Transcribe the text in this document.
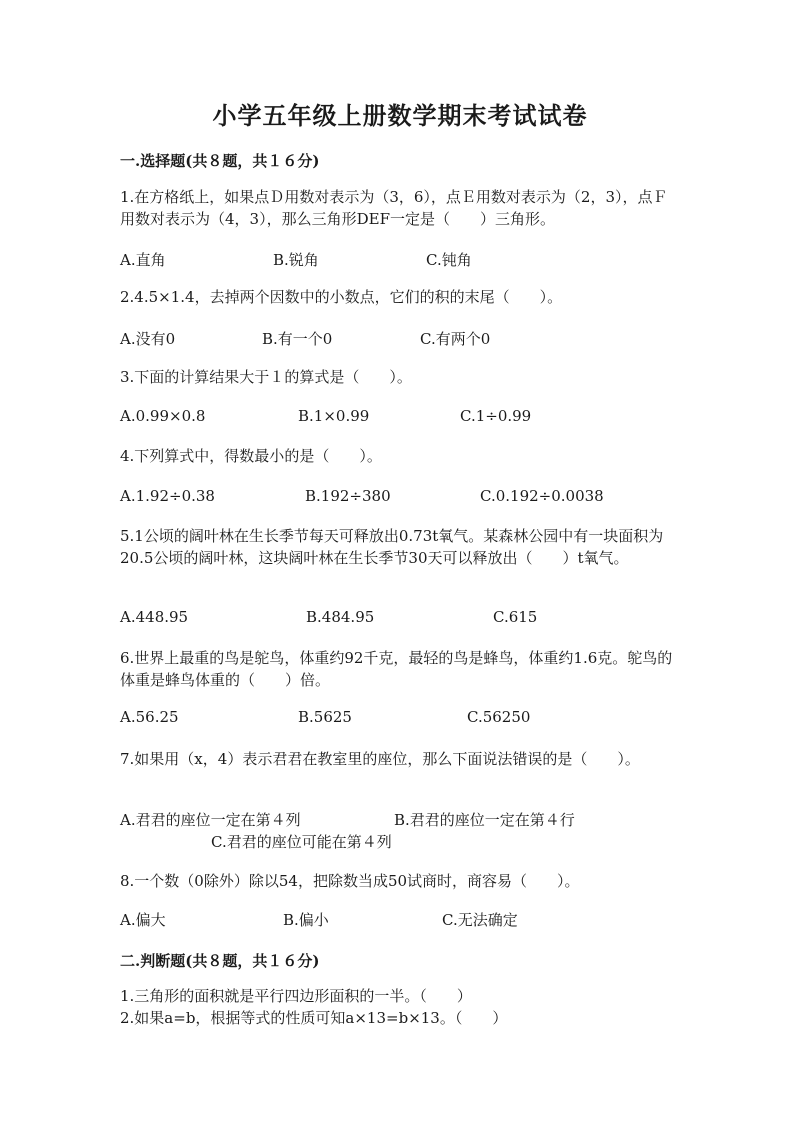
小学五年级上册数学期末考试试卷
一.选择题(共８题，共１６分)
1.在方格纸上，如果点Ｄ用数对表示为（3，6），点Ｅ用数对表示为（2，3），点Ｆ用数对表示为（4，3），那么三角形DEF一定是（　　）三角形。
A.直角	B.锐角	C.钝角
2.4.5×1.4，去掉两个因数中的小数点，它们的积的末尾（　　）。
A.没有0	B.有一个0	C.有两个0
3.下面的计算结果大于１的算式是（　　）。
A.0.99×0.8	B.1×0.99	C.1÷0.99
4.下列算式中，得数最小的是（　　）。
A.1.92÷0.38	B.192÷380	C.0.192÷0.0038
5.1公顷的阔叶林在生长季节每天可释放出0.73t氧气。某森林公园中有一块面积为20.5公顷的阔叶林，这块阔叶林在生长季节30天可以释放出（　　）t氧气。
A.448.95	B.484.95	C.615
6.世界上最重的鸟是鸵鸟，体重约92千克，最轻的鸟是蜂鸟，体重约1.6克。鸵鸟的体重是蜂鸟体重的（　　）倍。
A.56.25	B.5625	C.56250
7.如果用（x，4）表示君君在教室里的座位，那么下面说法错误的是（　　）。
A.君君的座位一定在第４列	B.君君的座位一定在第４行
C.君君的座位可能在第４列
8.一个数（0除外）除以54，把除数当成50试商时，商容易（　　）。
A.偏大	B.偏小	C.无法确定
二.判断题(共８题，共１６分)
1.三角形的面积就是平行四边形面积的一半。（　　）
2.如果a=b，根据等式的性质可知a×13=b×13。（　　）
